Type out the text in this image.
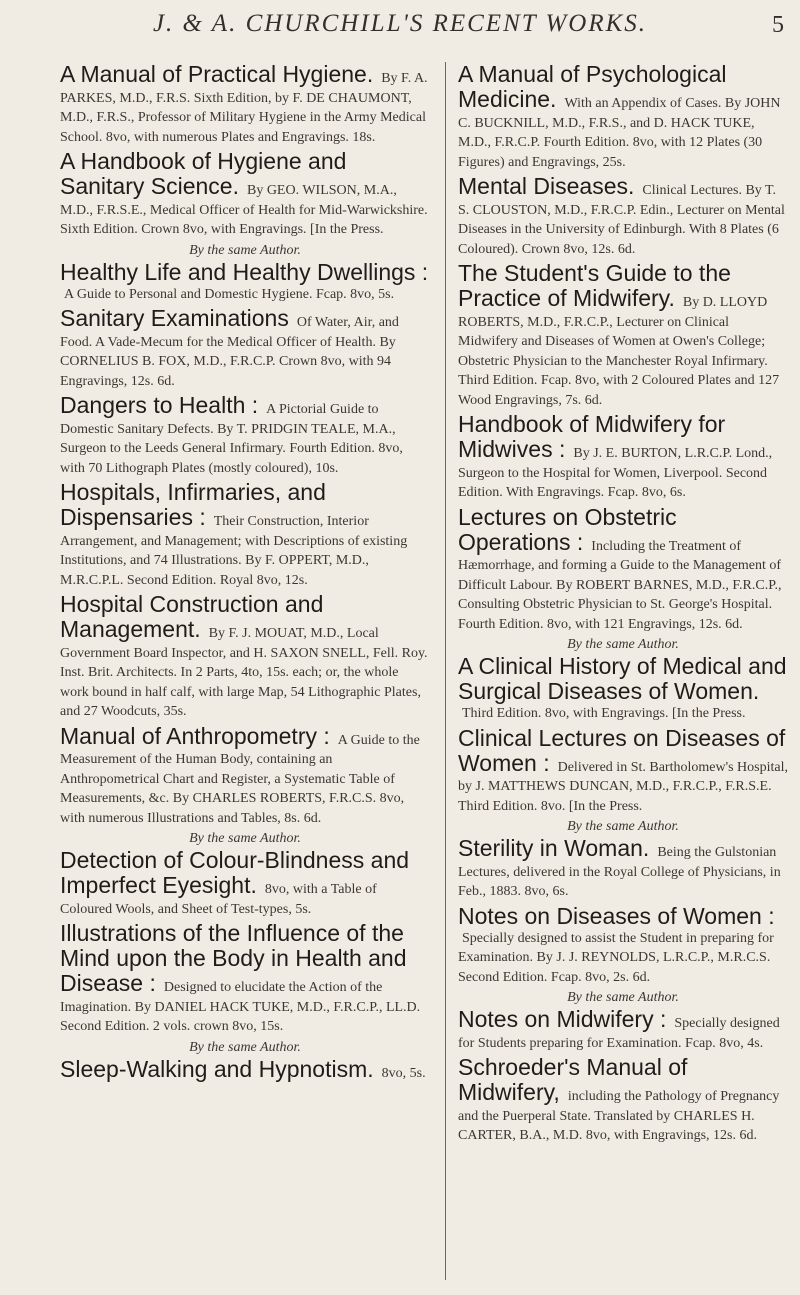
J. & A. CHURCHILL'S RECENT WORKS.	5
A Manual of Practical Hygiene. By F. A. PARKES, M.D., F.R.S. Sixth Edition, by F. DE CHAUMONT, M.D., F.R.S., Professor of Military Hygiene in the Army Medical School. 8vo, with numerous Plates and Engravings. 18s.
A Handbook of Hygiene and Sanitary Science. By GEO. WILSON, M.A., M.D., F.R.S.E., Medical Officer of Health for Mid-Warwickshire. Sixth Edition. Crown 8vo, with Engravings. [In the Press.
By the same Author.
Healthy Life and Healthy Dwellings : A Guide to Personal and Domestic Hygiene. Fcap. 8vo, 5s.
Sanitary Examinations Of Water, Air, and Food. A Vade-Mecum for the Medical Officer of Health. By CORNELIUS B. FOX, M.D., F.R.C.P. Crown 8vo, with 94 Engravings, 12s. 6d.
Dangers to Health : A Pictorial Guide to Domestic Sanitary Defects. By T. PRIDGIN TEALE, M.A., Surgeon to the Leeds General Infirmary. Fourth Edition. 8vo, with 70 Lithograph Plates (mostly coloured), 10s.
Hospitals, Infirmaries, and Dispensaries : Their Construction, Interior Arrangement, and Management; with Descriptions of existing Institutions, and 74 Illustrations. By F. OPPERT, M.D., M.R.C.P.L. Second Edition. Royal 8vo, 12s.
Hospital Construction and Management. By F. J. MOUAT, M.D., Local Government Board Inspector, and H. SAXON SNELL, Fell. Roy. Inst. Brit. Architects. In 2 Parts, 4to, 15s. each; or, the whole work bound in half calf, with large Map, 54 Lithographic Plates, and 27 Woodcuts, 35s.
Manual of Anthropometry : A Guide to the Measurement of the Human Body, containing an Anthropometrical Chart and Register, a Systematic Table of Measurements, &c. By CHARLES ROBERTS, F.R.C.S. 8vo, with numerous Illustrations and Tables, 8s. 6d.
By the same Author.
Detection of Colour-Blindness and Imperfect Eyesight. 8vo, with a Table of Coloured Wools, and Sheet of Test-types, 5s.
Illustrations of the Influence of the Mind upon the Body in Health and Disease : Designed to elucidate the Action of the Imagination. By DANIEL HACK TUKE, M.D., F.R.C.P., LL.D. Second Edition. 2 vols. crown 8vo, 15s.
By the same Author.
Sleep-Walking and Hypnotism. 8vo, 5s.
A Manual of Psychological Medicine. With an Appendix of Cases. By JOHN C. BUCKNILL, M.D., F.R.S., and D. HACK TUKE, M.D., F.R.C.P. Fourth Edition. 8vo, with 12 Plates (30 Figures) and Engravings, 25s.
Mental Diseases. Clinical Lectures. By T. S. CLOUSTON, M.D., F.R.C.P. Edin., Lecturer on Mental Diseases in the University of Edinburgh. With 8 Plates (6 Coloured). Crown 8vo, 12s. 6d.
The Student's Guide to the Practice of Midwifery. By D. LLOYD ROBERTS, M.D., F.R.C.P., Lecturer on Clinical Midwifery and Diseases of Women at Owen's College; Obstetric Physician to the Manchester Royal Infirmary. Third Edition. Fcap. 8vo, with 2 Coloured Plates and 127 Wood Engravings, 7s. 6d.
Handbook of Midwifery for Midwives : By J. E. BURTON, L.R.C.P. Lond., Surgeon to the Hospital for Women, Liverpool. Second Edition. With Engravings. Fcap. 8vo, 6s.
Lectures on Obstetric Operations : Including the Treatment of Hæmorrhage, and forming a Guide to the Management of Difficult Labour. By ROBERT BARNES, M.D., F.R.C.P., Consulting Obstetric Physician to St. George's Hospital. Fourth Edition. 8vo, with 121 Engravings, 12s. 6d.
By the same Author.
A Clinical History of Medical and Surgical Diseases of Women. Third Edition. 8vo, with Engravings. [In the Press.
Clinical Lectures on Diseases of Women : Delivered in St. Bartholomew's Hospital, by J. MATTHEWS DUNCAN, M.D., F.R.C.P., F.R.S.E. Third Edition. 8vo. [In the Press.
By the same Author.
Sterility in Woman. Being the Gulstonian Lectures, delivered in the Royal College of Physicians, in Feb., 1883. 8vo, 6s.
Notes on Diseases of Women : Specially designed to assist the Student in preparing for Examination. By J. J. REYNOLDS, L.R.C.P., M.R.C.S. Second Edition. Fcap. 8vo, 2s. 6d.
By the same Author.
Notes on Midwifery : Specially designed for Students preparing for Examination. Fcap. 8vo, 4s.
Schroeder's Manual of Midwifery, including the Pathology of Pregnancy and the Puerperal State. Translated by CHARLES H. CARTER, B.A., M.D. 8vo, with Engravings, 12s. 6d.
